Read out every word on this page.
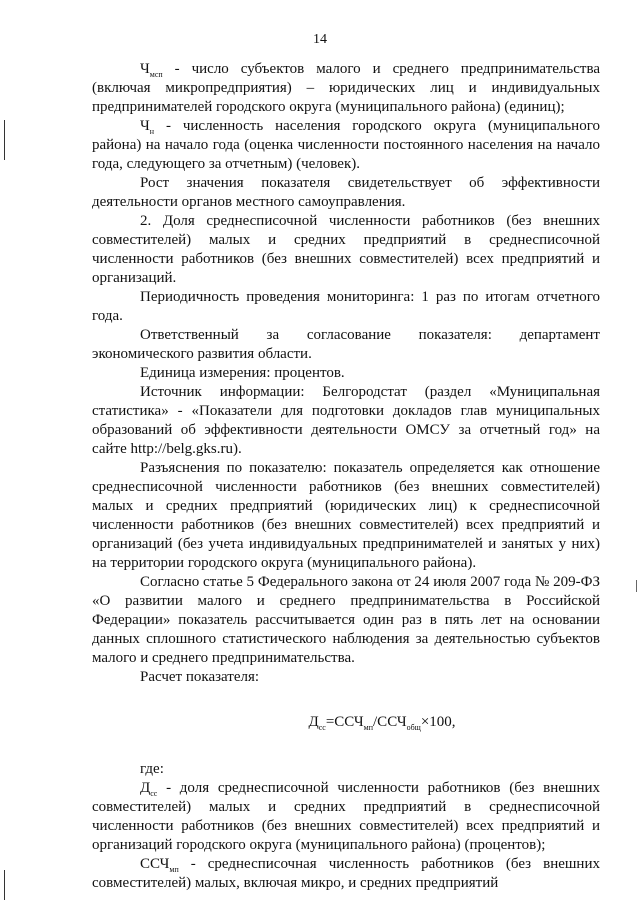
14

$Ч_{мсп}$ - число субъектов малого и среднего предпринимательства (включая микропредприятия) – юридических лиц и индивидуальных предпринимателей городского округа (муниципального района) (единиц);

$Ч_н$ - численность населения городского округа (муниципального района) на начало года (оценка численности постоянного населения на начало года, следующего за отчетным) (человек).

Рост значения показателя свидетельствует об эффективности деятельности органов местного самоуправления.

2. Доля среднесписочной численности работников (без внешних совместителей) малых и средних предприятий в среднесписочной численности работников (без внешних совместителей) всех предприятий и организаций.

Периодичность проведения мониторинга: 1 раз по итогам отчетного года.

Ответственный за согласование показателя: департамент экономического развития области.

Единица измерения: процентов.

Источник информации: Белгородстат (раздел «Муниципальная статистика» - «Показатели для подготовки докладов глав муниципальных образований об эффективности деятельности ОМСУ за отчетный год» на сайте http://belg.gks.ru).

Разъяснения по показателю: показатель определяется как отношение среднесписочной численности работников (без внешних совместителей) малых и средних предприятий (юридических лиц) к среднесписочной численности работников (без внешних совместителей) всех предприятий и организаций (без учета индивидуальных предпринимателей и занятых у них) на территории городского округа (муниципального района).

Согласно статье 5 Федерального закона от 24 июля 2007 года № 209-ФЗ «О развитии малого и среднего предпринимательства в Российской Федерации» показатель рассчитывается один раз в пять лет на основании данных сплошного статистического наблюдения за деятельностью субъектов малого и среднего предпринимательства.

Расчет показателя:

$Д_{сс}=ССЧ_{мп}/ССЧ_{общ}\times 100$,

где:

$Д_{сс}$ - доля среднесписочной численности работников (без внешних совместителей) малых и средних предприятий в среднесписочной численности работников (без внешних совместителей) всех предприятий и организаций городского округа (муниципального района) (процентов);

$ССЧ_{мп}$ - среднесписочная численность работников (без внешних совместителей) малых, включая микро, и средних предприятий
